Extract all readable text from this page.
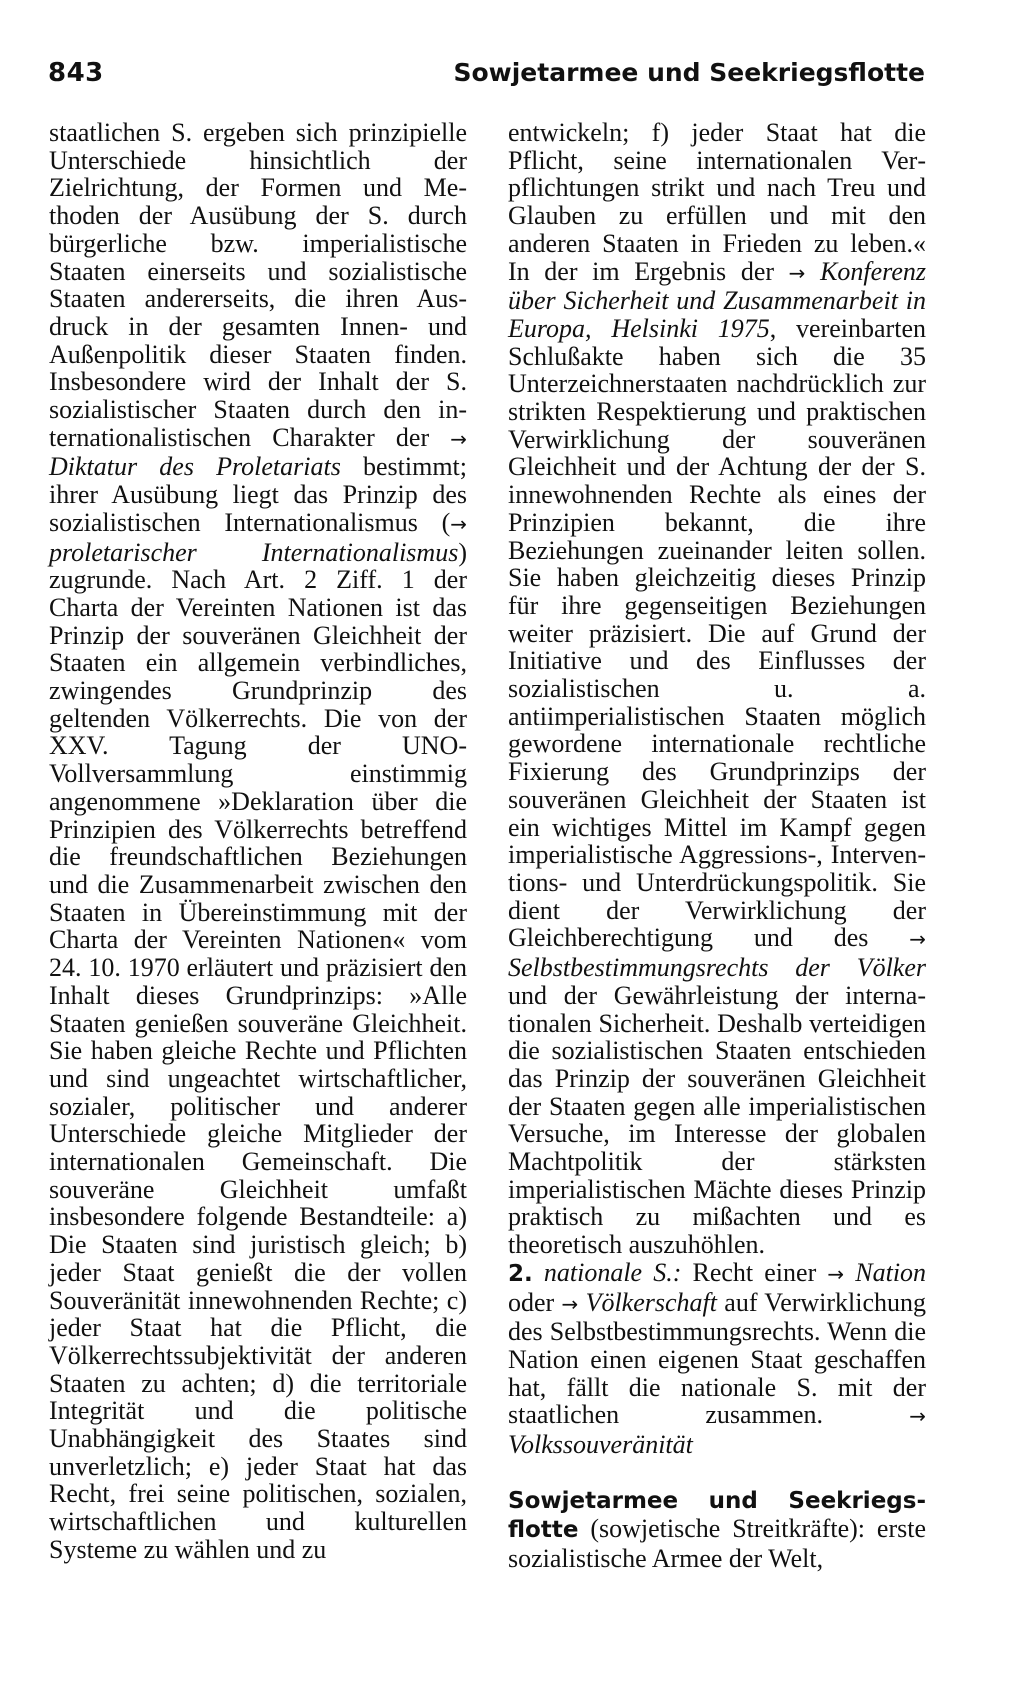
843	Sowjetarmee und Seekriegsflotte

staatlichen S. ergeben sich prinzipielle Unterschiede hinsichtlich der Zielrichtung, der Formen und Methoden der Ausübung der S. durch bürgerliche bzw. imperialistische Staaten einerseits und sozialistische Staaten andererseits, die ihren Ausdruck in der gesamten Innen- und Außenpolitik dieser Staaten finden. Insbesondere wird der Inhalt der S. sozialistischer Staaten durch den internationalistischen Charakter der → Diktatur des Proletariats bestimmt; ihrer Ausübung liegt das Prinzip des sozialistischen Internationalismus (→ proletarischer Internationalismus) zugrunde. Nach Art. 2 Ziff. 1 der Charta der Vereinten Nationen ist das Prinzip der souveränen Gleichheit der Staaten ein allgemein verbindliches, zwingendes Grundprinzip des geltenden Völkerrechts. Die von der XXV. Tagung der UNO-Vollversammlung einstimmig angenommene »Deklaration über die Prinzipien des Völkerrechts betreffend die freundschaftlichen Beziehungen und die Zusammenarbeit zwischen den Staaten in Übereinstimmung mit der Charta der Vereinten Nationen« vom 24. 10. 1970 erläutert und präzisiert den Inhalt dieses Grundprinzips: »Alle Staaten genießen souveräne Gleichheit. Sie haben gleiche Rechte und Pflichten und sind ungeachtet wirtschaftlicher, sozialer, politischer und anderer Unterschiede gleiche Mitglieder der internationalen Gemeinschaft. Die souveräne Gleichheit umfaßt insbesondere folgende Bestandteile: a) Die Staaten sind juristisch gleich; b) jeder Staat genießt die der vollen Souveränität innewohnenden Rechte; c) jeder Staat hat die Pflicht, die Völkerrechtssubjektivität der anderen Staaten zu achten; d) die territoriale Integrität und die politische Unabhängigkeit des Staates sind unverletzlich; e) jeder Staat hat das Recht, frei seine politischen, sozialen, wirtschaftlichen und kulturellen Systeme zu wählen und zu

entwickeln; f) jeder Staat hat die Pflicht, seine internationalen Verpflichtungen strikt und nach Treu und Glauben zu erfüllen und mit den anderen Staaten in Frieden zu leben.« In der im Ergebnis der → Konferenz über Sicherheit und Zusammenarbeit in Europa, Helsinki 1975, vereinbarten Schlußakte haben sich die 35 Unterzeichnerstaaten nachdrücklich zur strikten Respektierung und praktischen Verwirklichung der souveränen Gleichheit und der Achtung der der S. innewohnenden Rechte als eines der Prinzipien bekannt, die ihre Beziehungen zueinander leiten sollen. Sie haben gleichzeitig dieses Prinzip für ihre gegenseitigen Beziehungen weiter präzisiert. Die auf Grund der Initiative und des Einflusses der sozialistischen u. a. antiimperialistischen Staaten möglich gewordene internationale rechtliche Fixierung des Grundprinzips der souveränen Gleichheit der Staaten ist ein wichtiges Mittel im Kampf gegen imperialistische Aggressions-, Interventions- und Unterdrückungspolitik. Sie dient der Verwirklichung der Gleichberechtigung und des → Selbstbestimmungsrechts der Völker und der Gewährleistung der internationalen Sicherheit. Deshalb verteidigen die sozialistischen Staaten entschieden das Prinzip der souveränen Gleichheit der Staaten gegen alle imperialistischen Versuche, im Interesse der globalen Machtpolitik der stärksten imperialistischen Mächte dieses Prinzip praktisch zu mißachten und es theoretisch auszuhöhlen.

2. nationale S.: Recht einer → Nation oder → Völkerschaft auf Verwirklichung des Selbstbestimmungsrechts. Wenn die Nation einen eigenen Staat geschaffen hat, fällt die nationale S. mit der staatlichen zusammen.	→ Volkssouveränität

Sowjetarmee und Seekriegsflotte (sowjetische Streitkräfte): erste sozialistische Armee der Welt,
